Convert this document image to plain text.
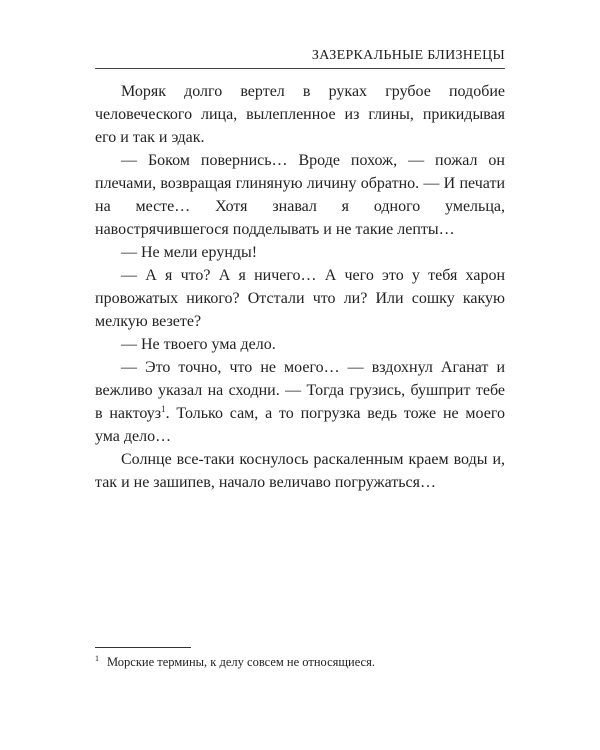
ЗАЗЕРКАЛЬНЫЕ БЛИЗНЕЦЫ

Моряк долго вертел в руках грубое подобие человеческого лица, вылепленное из глины, прикидывая его и так и эдак.

— Боком повернись… Вроде похож, — пожал он плечами, возвращая глиняную личину обратно. — И печати на месте… Хотя знавал я одного умельца, навострячившегося подделывать и не такие лепты…

— Не мели ерунды!

— А я что? А я ничего… А чего это у тебя харон провожатых никого? Отстали что ли? Или сошку какую мелкую везете?

— Не твоего ума дело.

— Это точно, что не моего… — вздохнул Аганат и вежливо указал на сходни. — Тогда грузись, бушприт тебе в нактоуз$^1$. Только сам, а то погрузка ведь тоже не моего ума дело…

Солнце все-таки коснулось раскаленным краем воды и, так и не зашипев, начало величаво погружаться…

$^1$ Морские термины, к делу совсем не относящиеся.
